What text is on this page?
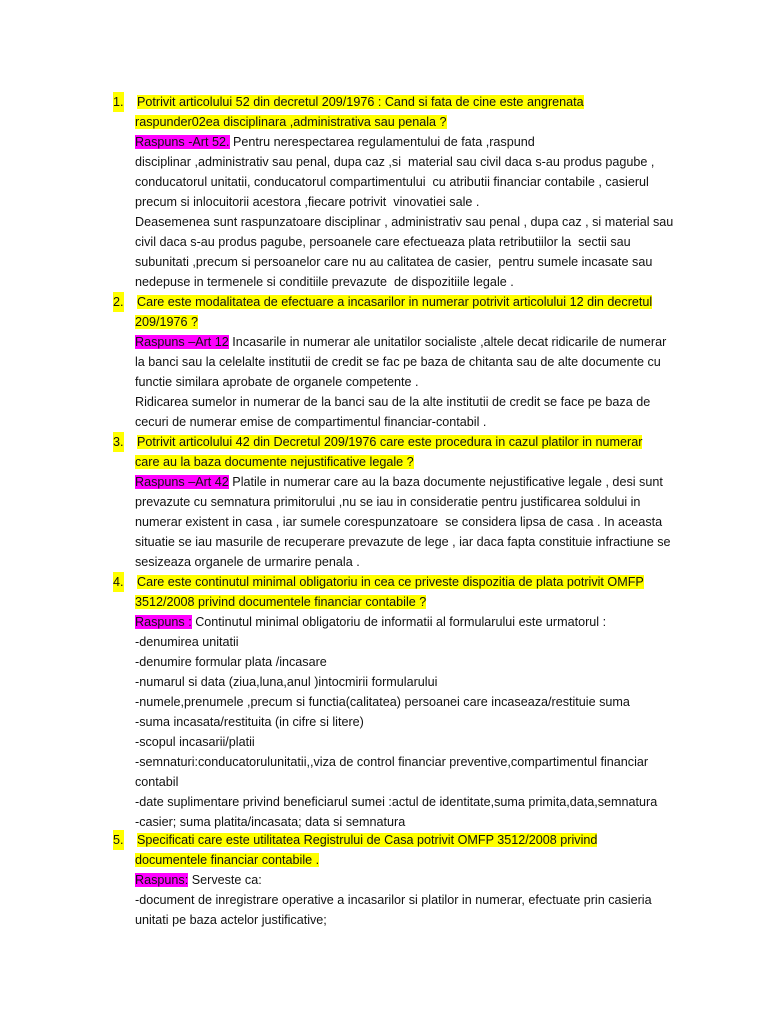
1.	Potrivit articolului 52 din decretul 209/1976 : Cand si fata de cine este angrenata
raspunder02ea disciplinara ,administrativa sau penala ?
Raspuns -Art 52. Pentru nerespectarea regulamentului de fata ,raspund
disciplinar ,administrativ sau penal, dupa caz ,si  material sau civil daca s-au produs pagube ,
conducatorul unitatii, conducatorul compartimentului  cu atributii financiar contabile , casierul
precum si inlocuitorii acestora ,fiecare potrivit  vinovatiei sale .
Deasemenea sunt raspunzatoare disciplinar , administrativ sau penal , dupa caz , si material sau
civil daca s-au produs pagube, persoanele care efectueaza plata retributiilor la  sectii sau
subunitati ,precum si persoanelor care nu au calitatea de casier,  pentru sumele incasate sau
nedepuse in termenele si conditiile prevazute  de dispozitiile legale .
2.	Care este modalitatea de efectuare a incasarilor in numerar potrivit articolului 12 din decretul
209/1976 ?
Raspuns –Art 12 Incasarile in numerar ale unitatilor socialiste ,altele decat ridicarile de numerar
la banci sau la celelalte institutii de credit se fac pe baza de chitanta sau de alte documente cu
functie similara aprobate de organele competente .
Ridicarea sumelor in numerar de la banci sau de la alte institutii de credit se face pe baza de
cecuri de numerar emise de compartimentul financiar-contabil .
3.	Potrivit articolului 42 din Decretul 209/1976 care este procedura in cazul platilor in numerar
care au la baza documente nejustificative legale ?
Raspuns –Art 42 Platile in numerar care au la baza documente nejustificative legale , desi sunt
prevazute cu semnatura primitorului ,nu se iau in consideratie pentru justificarea soldului in
numerar existent in casa , iar sumele corespunzatoare  se considera lipsa de casa . In aceasta
situatie se iau masurile de recuperare prevazute de lege , iar daca fapta constituie infractiune se
sesizeaza organele de urmarire penala .
4.	Care este continutul minimal obligatoriu in cea ce priveste dispozitia de plata potrivit OMFP
3512/2008 privind documentele financiar contabile ?
Raspuns : Continutul minimal obligatoriu de informatii al formularului este urmatorul :
-denumirea unitatii
-denumire formular plata /incasare
-numarul si data (ziua,luna,anul )intocmirii formularului
-numele,prenumele ,precum si functia(calitatea) persoanei care incaseaza/restituie suma
-suma incasata/restituita (in cifre si litere)
-scopul incasarii/platii
-semnaturi:conducatorulunitatii,,viza de control financiar preventive,compartimentul financiar
contabil
-date suplimentare privind beneficiarul sumei :actul de identitate,suma primita,data,semnatura
-casier; suma platita/incasata; data si semnatura
5.	Specificati care este utilitatea Registrului de Casa potrivit OMFP 3512/2008 privind
documentele financiar contabile .
Raspuns: Serveste ca:
-document de inregistrare operative a incasarilor si platilor in numerar, efectuate prin casieria
unitati pe baza actelor justificative;
